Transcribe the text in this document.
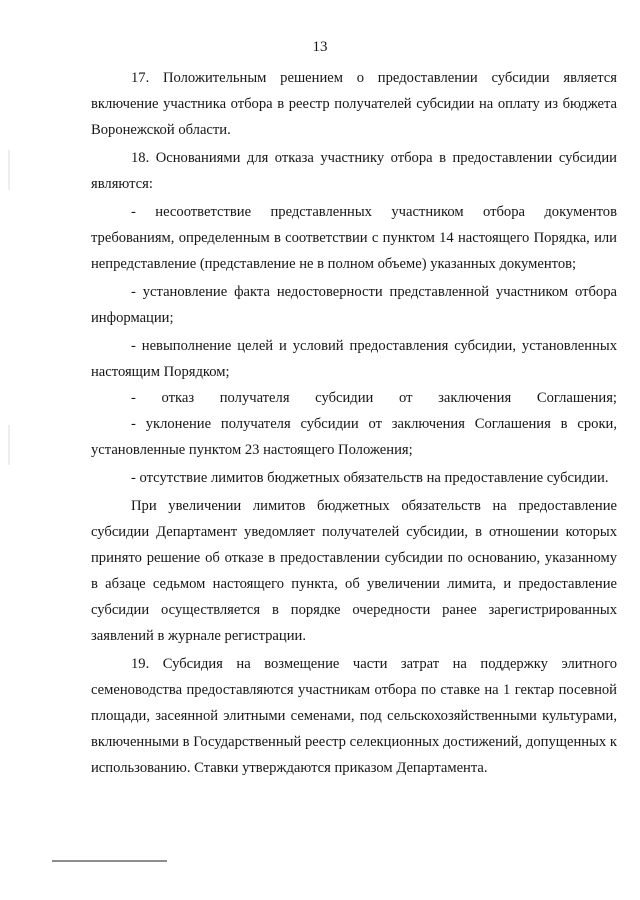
13

17. Положительным решением о предоставлении субсидии является включение участника отбора в реестр получателей субсидии на оплату из бюджета Воронежской области.

18. Основаниями для отказа участнику отбора в предоставлении субсидии являются:

- несоответствие представленных участником отбора документов требованиям, определенным в соответствии с пунктом 14 настоящего Порядка, или непредставление (представление не в полном объеме) указанных документов;

- установление факта недостоверности представленной участником отбора информации;

- невыполнение целей и условий предоставления субсидии, установленных настоящим Порядком;

- отказ получателя субсидии от заключения Соглашения;

- уклонение получателя субсидии от заключения Соглашения в сроки, установленные пунктом 23 настоящего Положения;

- отсутствие лимитов бюджетных обязательств на предоставление субсидии.

При увеличении лимитов бюджетных обязательств на предоставление субсидии Департамент уведомляет получателей субсидии, в отношении которых принято решение об отказе в предоставлении субсидии по основанию, указанному в абзаце седьмом настоящего пункта, об увеличении лимита, и предоставление субсидии осуществляется в порядке очередности ранее зарегистрированных заявлений в журнале регистрации.

19. Субсидия на возмещение части затрат на поддержку элитного семеноводства предоставляются участникам отбора по ставке на 1 гектар посевной площади, засеянной элитными семенами, под сельскохозяйственными культурами, включенными в Государственный реестр селекционных достижений, допущенных к использованию. Ставки утверждаются приказом Департамента.
